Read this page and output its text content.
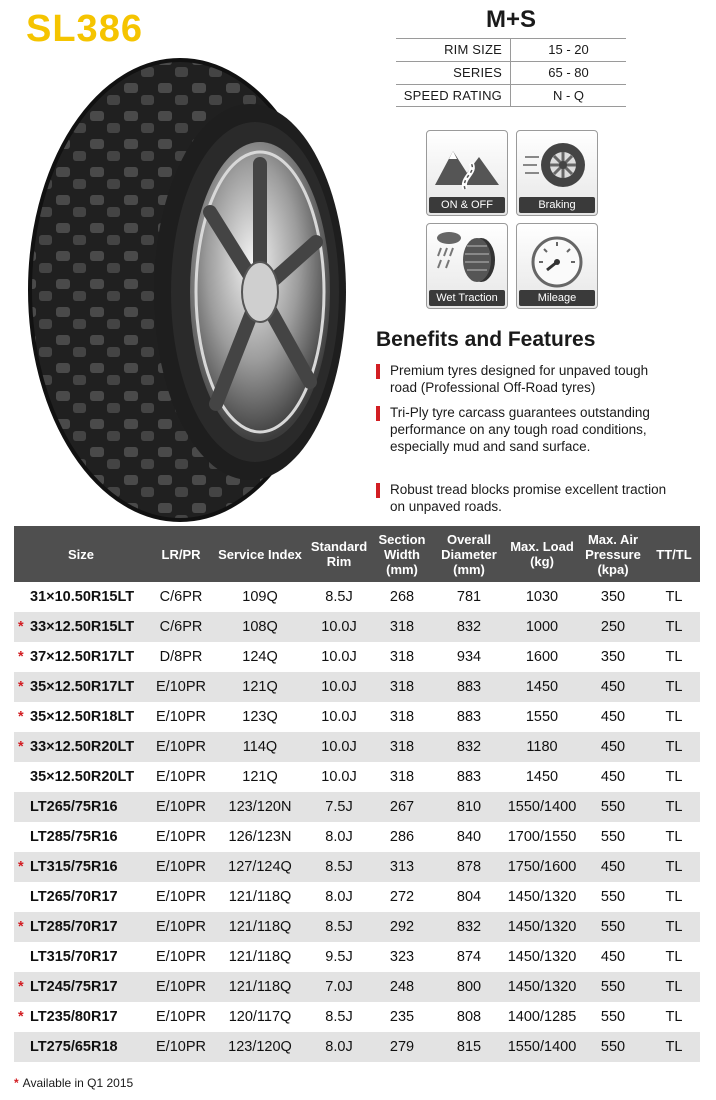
SL386	M+S
RIM SIZE	15 - 20
SERIES	65 - 80
SPEED RATING	N - Q
ON & OFF	Braking
Wet Traction	Mileage
Benefits and Features

Premium tyres designed for unpaved tough road (Professional Off-Road tyres)

Tri-Ply tyre carcass guarantees outstanding performance on any tough road conditions, especially mud and sand surface.

Robust tread blocks promise excellent traction on unpaved roads.

Size	LR/PR	Service Index	Standard Rim	Section Width (mm)	Overall Diameter (mm)	Max. Load (kg)	Max. Air Pressure (kpa)	TT/TL
31×10.50R15LT	C/6PR	109Q	8.5J	268	781	1030	350	TL
* 33×12.50R15LT	C/6PR	108Q	10.0J	318	832	1000	250	TL
* 37×12.50R17LT	D/8PR	124Q	10.0J	318	934	1600	350	TL
* 35×12.50R17LT	E/10PR	121Q	10.0J	318	883	1450	450	TL
* 35×12.50R18LT	E/10PR	123Q	10.0J	318	883	1550	450	TL
* 33×12.50R20LT	E/10PR	114Q	10.0J	318	832	1180	450	TL
35×12.50R20LT	E/10PR	121Q	10.0J	318	883	1450	450	TL
LT265/75R16	E/10PR	123/120N	7.5J	267	810	1550/1400	550	TL
LT285/75R16	E/10PR	126/123N	8.0J	286	840	1700/1550	550	TL
* LT315/75R16	E/10PR	127/124Q	8.5J	313	878	1750/1600	450	TL
LT265/70R17	E/10PR	121/118Q	8.0J	272	804	1450/1320	550	TL
* LT285/70R17	E/10PR	121/118Q	8.5J	292	832	1450/1320	550	TL
LT315/70R17	E/10PR	121/118Q	9.5J	323	874	1450/1320	450	TL
* LT245/75R17	E/10PR	121/118Q	7.0J	248	800	1450/1320	550	TL
* LT235/80R17	E/10PR	120/117Q	8.5J	235	808	1400/1285	550	TL
LT275/65R18	E/10PR	123/120Q	8.0J	279	815	1550/1400	550	TL
* Available in Q1 2015
